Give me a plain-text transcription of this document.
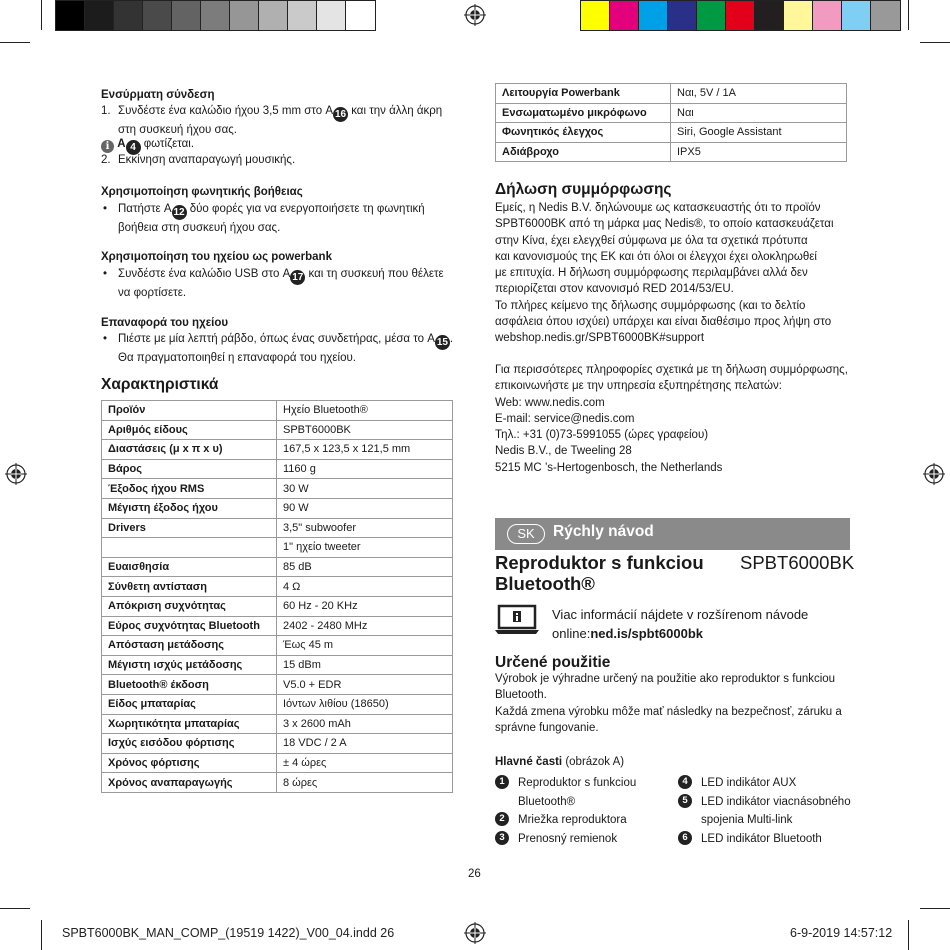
Ενσύρματη σύνδεση
1. Συνδέστε ένα καλώδιο ήχου 3,5 mm στο A 16 και την άλλη άκρη
στη συσκευή ήχου σας.
i A 4 φωτίζεται.
2. Εκκίνηση αναπαραγωγή μουσικής.
Χρησιμοποίηση φωνητικής βοήθειας
• Πατήστε A 12 δύο φορές για να ενεργοποιήσετε τη φωνητική
βοήθεια στη συσκευή ήχου σας.
Χρησιμοποίηση του ηχείου ως powerbank
• Συνδέστε ένα καλώδιο USB στο A 17 και τη συσκευή που θέλετε
να φορτίσετε.
Επαναφορά του ηχείου
• Πιέστε με μία λεπτή ράβδο, όπως ένας συνδετήρας, μέσα το A 15 .
Θα πραγματοποιηθεί η επαναφορά του ηχείου.
Χαρακτηριστικά
Προϊόν	Ηχείο Bluetooth®
Αριθμός είδους	SPBT6000BK
Διαστάσεις (μ x π x υ)	167,5 x 123,5 x 121,5 mm
Βάρος	1160 g
Έξοδος ήχου RMS	30 W
Μέγιστη έξοδος ήχου	90 W
Drivers	3,5" subwoofer
	1" ηχείο tweeter
Ευαισθησία	85 dB
Σύνθετη αντίσταση	4 Ω
Απόκριση συχνότητας	60 Hz - 20 KHz
Εύρος συχνότητας Bluetooth	2402 - 2480 MHz
Απόσταση μετάδοσης	Έως 45 m
Μέγιστη ισχύς μετάδοσης	15 dBm
Bluetooth® έκδοση	V5.0 + EDR
Είδος μπαταρίας	Ιόντων λιθίου (18650)
Χωρητικότητα μπαταρίας	3 x 2600 mAh
Ισχύς εισόδου φόρτισης	18 VDC / 2 A
Χρόνος φόρτισης	± 4 ώρες
Χρόνος αναπαραγωγής	8 ώρες
Λειτουργία Powerbank	Ναι, 5V / 1A
Ενσωματωμένο μικρόφωνο	Ναι
Φωνητικός έλεγχος	Siri, Google Assistant
Αδιάβροχο	IPX5
Δήλωση συμμόρφωσης
Εμείς, η Nedis B.V. δηλώνουμε ως κατασκευαστής ότι το προϊόν
SPBT6000BK από τη μάρκα μας Nedis®, το οποίο κατασκευάζεται
στην Κίνα, έχει ελεγχθεί σύμφωνα με όλα τα σχετικά πρότυπα
και κανονισμούς της ΕΚ και ότι όλοι οι έλεγχοι έχει ολοκληρωθεί
με επιτυχία. Η δήλωση συμμόρφωσης περιλαμβάνει αλλά δεν
περιορίζεται στον κανονισμό RED 2014/53/EU.
Το πλήρες κείμενο της δήλωσης συμμόρφωσης (και το δελτίο
ασφάλεια όπου ισχύει) υπάρχει και είναι διαθέσιμο προς λήψη στο
webshop.nedis.gr/SPBT6000BK#support
Για περισσότερες πληροφορίες σχετικά με τη δήλωση συμμόρφωσης,
επικοινωνήστε με την υπηρεσία εξυπηρέτησης πελατών:
Web: www.nedis.com
E-mail: service@nedis.com
Τηλ.: +31 (0)73-5991055 (ώρες γραφείου)
Nedis B.V., de Tweeling 28
5215 MC ’s-Hertogenbosch, the Netherlands
SK	Rýchly návod
Reproduktor s funkciou
Bluetooth®
SPBT6000BK
Viac informácií nájdete v rozšírenom návode
online:ned.is/spbt6000bk
Určené použitie
Výrobok je výhradne určený na použitie ako reproduktor s funkciou
Bluetooth.
Každá zmena výrobku môže mať následky na bezpečnosť, záruku a
správne fungovanie.
Hlavné časti (obrázok A)
1	Reproduktor s funkciou
Bluetooth®
2	Mriežka reproduktora
3	Prenosný remienok
4	LED indikátor AUX
5	LED indikátor viacnásobného
spojenia Multi-link
6	LED indikátor Bluetooth
26
SPBT6000BK_MAN_COMP_(19519 1422)_V00_04.indd 26	6-9-2019 14:57:12
